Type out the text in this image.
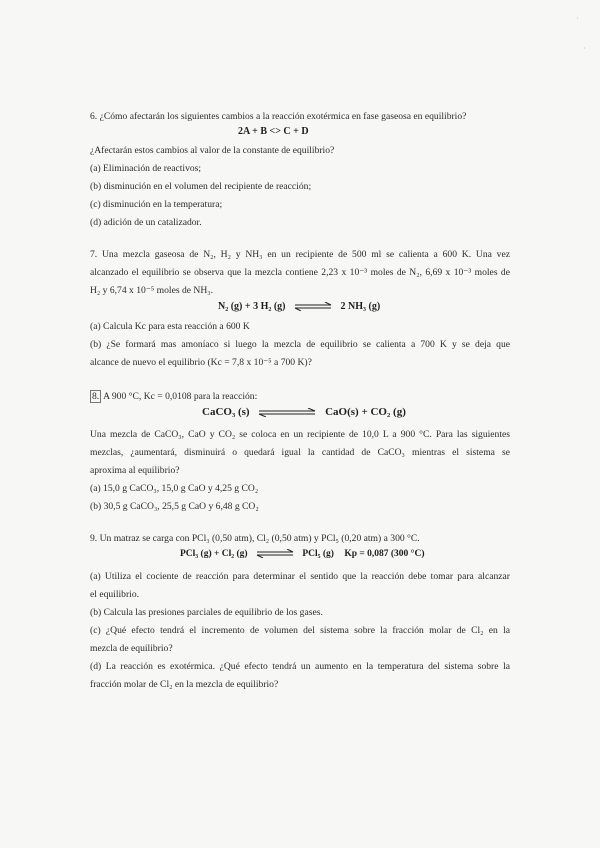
·
·
6. ¿Cómo afectarán los siguientes cambios a la reacción exotérmica en fase gaseosa en equilibrio?
2A + B <> C + D
¿Afectarán estos cambios al valor de la constante de equilibrio?
(a) Eliminación de reactivos;
(b) disminución en el volumen del recipiente de reacción;
(c) disminución en la temperatura;
(d) adición de un catalizador.
7. Una mezcla gaseosa de N₂, H₂ y NH₃ en un recipiente de 500 ml se calienta a 600 K. Una vez
alcanzado el equilibrio se observa que la mezcla contiene 2,23 x 10⁻³ moles de N₂, 6,69 x 10⁻³ moles de
H₂ y 6,74 x 10⁻⁵ moles de NH₃.
N₂ (g) + 3 H₂ (g) ⇌ 2 NH₃ (g)
(a) Calcula Kc para esta reacción a 600 K
(b) ¿Se formará mas amoníaco si luego la mezcla de equilibrio se calienta a 700 K y se deja que
alcance de nuevo el equilibrio (Kc = 7,8 x 10⁻⁵ a 700 K)?
8. A 900 °C, Kc = 0,0108 para la reacción:
CaCO₃ (s)	CaO(s) + CO₂ (g)
Una mezcla de CaCO₃, CaO y CO₂ se coloca en un recipiente de 10,0 L a 900 °C. Para las siguientes
mezclas, ¿aumentará, disminuirá o quedará igual la cantidad de CaCO₃ mientras el sistema se
aproxima al equilibrio?
(a) 15,0 g CaCO₃, 15,0 g CaO y 4,25 g CO₂
(b) 30,5 g CaCO₃, 25,5 g CaO y 6,48 g CO₂
9. Un matraz se carga con PCl₃ (0,50 atm), Cl₂ (0,50 atm) y PCl₅ (0,20 atm) a 300 °C.
PCl₃ (g) + Cl₂ (g) ⇌ PCl₅ (g) Kp = 0,087 (300 °C)
(a) Utiliza el cociente de reacción para determinar el sentido que la reacción debe tomar para alcanzar
el equilibrio.
(b) Calcula las presiones parciales de equilibrio de los gases.
(c) ¿Qué efecto tendrá el incremento de volumen del sistema sobre la fracción molar de Cl₂ en la
mezcla de equilibrio?
(d) La reacción es exotérmica. ¿Qué efecto tendrá un aumento en la temperatura del sistema sobre la
fracción molar de Cl₂ en la mezcla de equilibrio?
